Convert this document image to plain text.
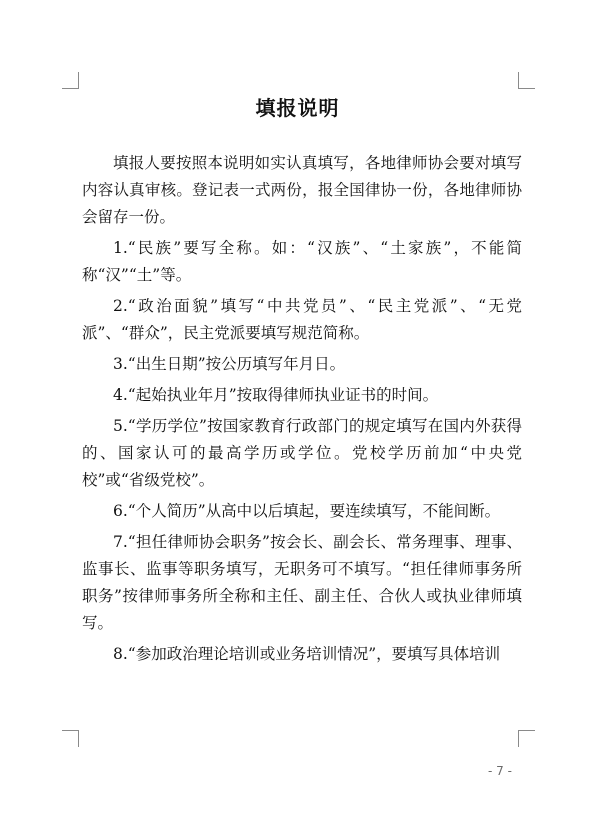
填报说明

填报人要按照本说明如实认真填写，各地律师协会要对填写内容认真审核。登记表一式两份，报全国律协一份，各地律师协会留存一份。

1.“民族”要写全称。如：“汉族”、“土家族”，不能简称“汉”“土”等。

2.“政治面貌”填写“中共党员”、“民主党派”、“无党派”、“群众”，民主党派要填写规范简称。

3.“出生日期”按公历填写年月日。

4.“起始执业年月”按取得律师执业证书的时间。

5.“学历学位”按国家教育行政部门的规定填写在国内外获得的、国家认可的最高学历或学位。党校学历前加“中央党校”或“省级党校”。

6.“个人简历”从高中以后填起，要连续填写，不能间断。

7.“担任律师协会职务”按会长、副会长、常务理事、理事、监事长、监事等职务填写，无职务可不填写。“担任律师事务所职务”按律师事务所全称和主任、副主任、合伙人或执业律师填写。

8.“参加政治理论培训或业务培训情况”，要填写具体培训

- 7 -
